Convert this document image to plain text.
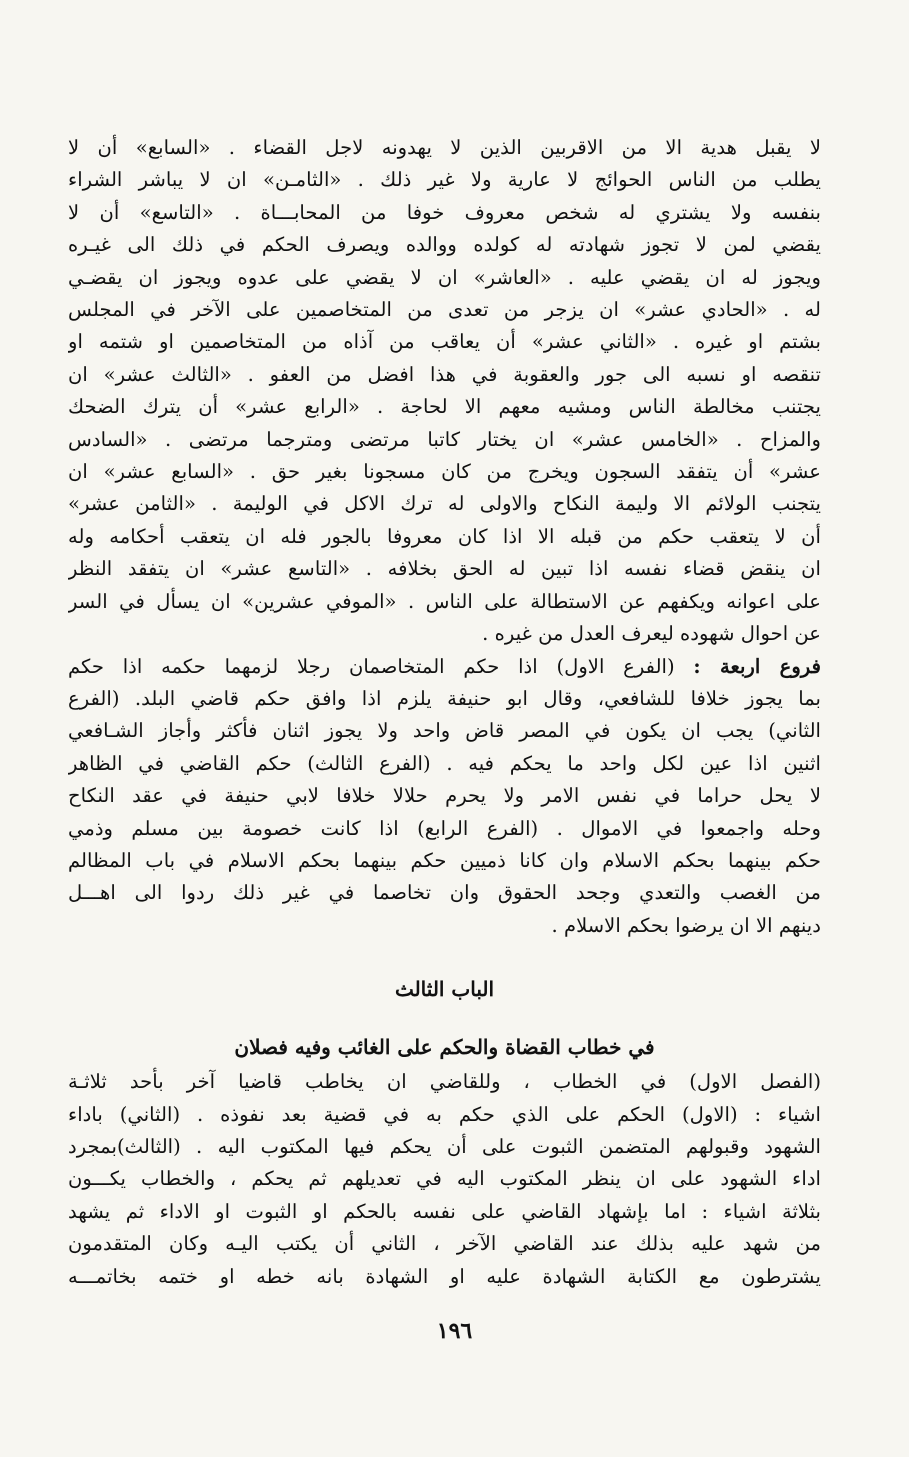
لا يقبل هدية الا من الاقربين الذين لا يهدونه لاجل القضاء . «السابع» أن لا

يطلب من الناس الحوائج لا عارية ولا غير ذلك . «الثامـن» ان لا يباشر الشراء

بنفسه ولا يشتري له شخص معروف خوفا من المحابـــاة . «التاسع» أن لا

يقضي لمن لا تجوز شهادته له كولده ووالده ويصرف الحكم في ذلك الى غيـره

ويجوز له ان يقضي عليه . «العاشر» ان لا يقضي على عدوه ويجوز ان يقضـي

له . «الحادي عشر» ان يزجر من تعدى من المتخاصمين على الآخر في المجلس

بشتم او غيره . «الثاني عشر» أن يعاقب من آذاه من المتخاصمين او شتمه او

تنقصه او نسبه الى جور والعقوبة في هذا افضل من العفو . «الثالث عشر» ان

يجتنب مخالطة الناس ومشيه معهم الا لحاجة . «الرابع عشر» أن يترك الضحك

والمزاح . «الخامس عشر» ان يختار كاتبا مرتضى ومترجما مرتضى . «السادس

عشر» أن يتفقد السجون ويخرج من كان مسجونا بغير حق . «السابع عشر» ان

يتجنب الولائم الا وليمة النكاح والاولى له ترك الاكل في الوليمة . «الثامن عشر»

أن لا يتعقب حكم من قبله الا اذا كان معروفا بالجور فله ان يتعقب أحكامه وله

ان ينقض قضاء نفسه اذا تبين له الحق بخلافه . «التاسع عشر» ان يتفقد النظر

على اعوانه ويكفهم عن الاستطالة على الناس . «الموفي عشرين» ان يسأل في السر

عن احوال شهوده ليعرف العدل من غيره .

فروع اربعة : (الفرع الاول) اذا حكم المتخاصمان رجلا لزمهما حكمه اذا حكم

بما يجوز خلافا للشافعي، وقال ابو حنيفة يلزم اذا وافق حكم قاضي البلد. (الفرع

الثاني) يجب ان يكون في المصر قاض واحد ولا يجوز اثنان فأكثر وأجاز الشـافعي

اثنين اذا عين لكل واحد ما يحكم فيه . (الفرع الثالث) حكم القاضي في الظاهر

لا يحل حراما في نفس الامر ولا يحرم حلالا خلافا لابي حنيفة في عقد النكاح

وحله واجمعوا في الاموال . (الفرع الرابع) اذا كانت خصومة بين مسلم وذمي

حكم بينهما بحكم الاسلام وان كانا ذميين حكم بينهما بحكم الاسلام في باب المظالم

من الغصب والتعدي وجحد الحقوق وان تخاصما في غير ذلك ردوا الى اهـــل

دينهم الا ان يرضوا بحكم الاسلام .

الباب الثالث
في خطاب القضاة والحكم على الغائب وفيه فصلان

(الفصل الاول) في الخطاب ، وللقاضي ان يخاطب قاضيا آخر بأحد ثلاثـة

اشياء : (الاول) الحكم على الذي حكم به في قضية بعد نفوذه . (الثاني) باداء

الشهود وقبولهم المتضمن الثبوت على أن يحكم فيها المكتوب اليه . (الثالث)بمجرد

اداء الشهود على ان ينظر المكتوب اليه في تعديلهم ثم يحكم ، والخطاب يكـــون

بثلاثة اشياء : اما بإشهاد القاضي على نفسه بالحكم او الثبوت او الاداء ثم يشهد

من شهد عليه بذلك عند القاضي الآخر ، الثاني أن يكتب اليـه وكان المتقدمون

يشترطون مع الكتابة الشهادة عليه او الشهادة بانه خطه او ختمه بخاتمـــه

١٩٦
